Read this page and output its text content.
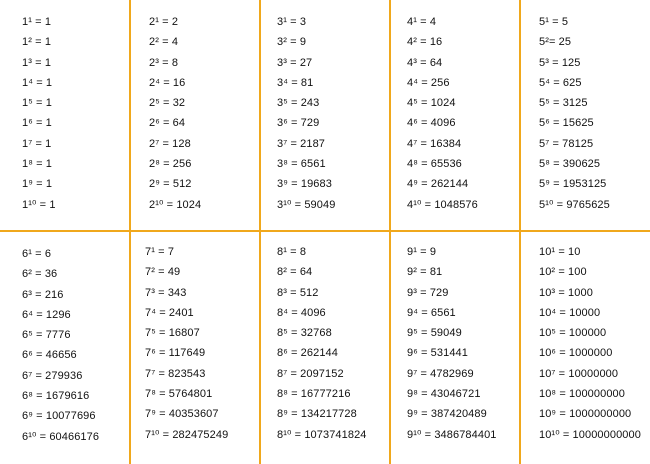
1¹ = 1
1² = 1
1³ = 1
1⁴ = 1
1⁵ = 1
1⁶ = 1
1⁷ = 1
1⁸ = 1
1⁹ = 1
1¹⁰ = 1
2¹ = 2
2² = 4
2³ = 8
2⁴ = 16
2⁵ = 32
2⁶ = 64
2⁷ = 128
2⁸ = 256
2⁹ = 512
2¹⁰ = 1024
3¹ = 3
3² = 9
3³ = 27
3⁴ = 81
3⁵ = 243
3⁶ = 729
3⁷ = 2187
3⁸ = 6561
3⁹ = 19683
3¹⁰ = 59049
4¹ = 4
4² = 16
4³ = 64
4⁴ = 256
4⁵ = 1024
4⁶ = 4096
4⁷ = 16384
4⁸ = 65536
4⁹ = 262144
4¹⁰ = 1048576
5¹ = 5
5²= 25
5³ = 125
5⁴ = 625
5⁵ = 3125
5⁶ = 15625
5⁷ = 78125
5⁸ = 390625
5⁹ = 1953125
5¹⁰ = 9765625
6¹ = 6
6² = 36
6³ = 216
6⁴ = 1296
6⁵ = 7776
6⁶ = 46656
6⁷ = 279936
6⁸ = 1679616
6⁹ = 10077696
6¹⁰ = 60466176
7¹ = 7
7² = 49
7³ = 343
7⁴ = 2401
7⁵ = 16807
7⁶ = 117649
7⁷ = 823543
7⁸ = 5764801
7⁹ = 40353607
7¹⁰ = 282475249
8¹ = 8
8² = 64
8³ = 512
8⁴ = 4096
8⁵ = 32768
8⁶ = 262144
8⁷ = 2097152
8⁸ = 16777216
8⁹ = 134217728
8¹⁰ = 1073741824
9¹ = 9
9² = 81
9³ = 729
9⁴ = 6561
9⁵ = 59049
9⁶ = 531441
9⁷ = 4782969
9⁸ = 43046721
9⁹ = 387420489
9¹⁰ = 3486784401
10¹ = 10
10² = 100
10³ = 1000
10⁴ = 10000
10⁵ = 100000
10⁶ = 1000000
10⁷ = 10000000
10⁸ = 100000000
10⁹ = 1000000000
10¹⁰ = 10000000000
